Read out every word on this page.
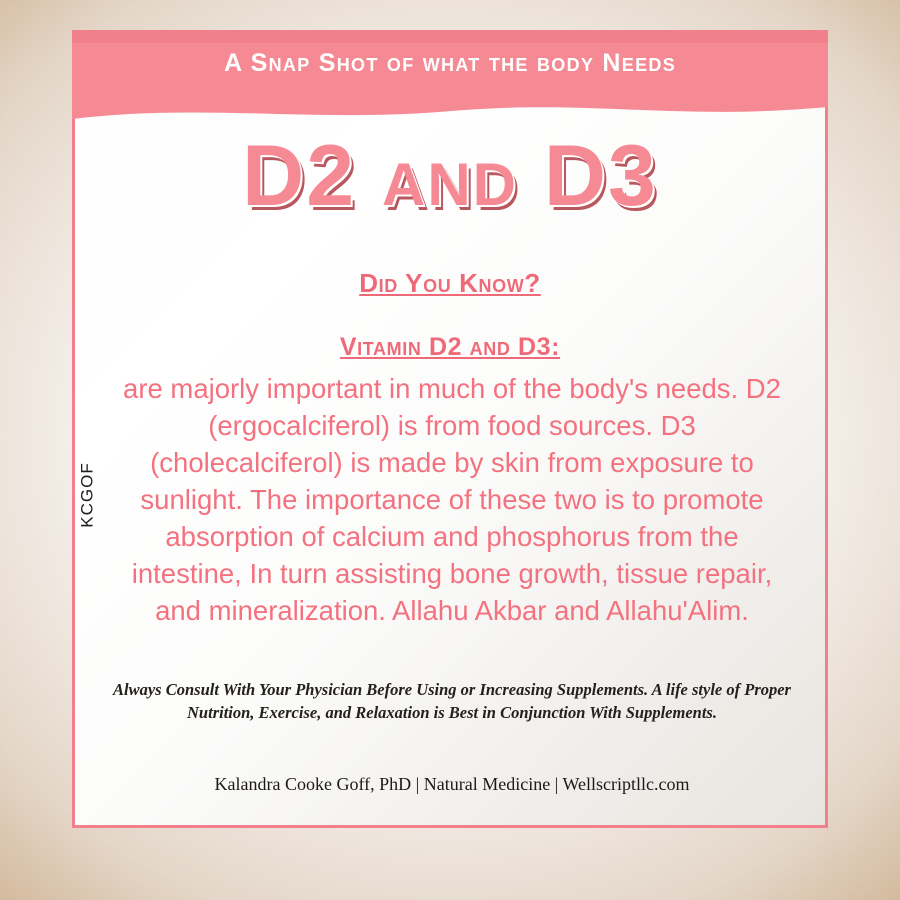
A Snap Shot of what the body Needs
D2 and D3
Did You Know?
Vitamin D2 and D3:
are majorly important in much of the body's needs. D2 (ergocalciferol) is from food sources. D3 (cholecalciferol) is made by skin from exposure to sunlight. The importance of these two is to promote absorption of calcium and phosphorus from the intestine, In turn assisting bone growth, tissue repair, and mineralization. Allahu Akbar and Allahu'Alim.
Always Consult With Your Physician Before Using or Increasing Supplements. A life style of Proper Nutrition, Exercise, and Relaxation is Best in Conjunction With Supplements.
Kalandra Cooke Goff, PhD | Natural Medicine | Wellscriptllc.com
KCGOF
